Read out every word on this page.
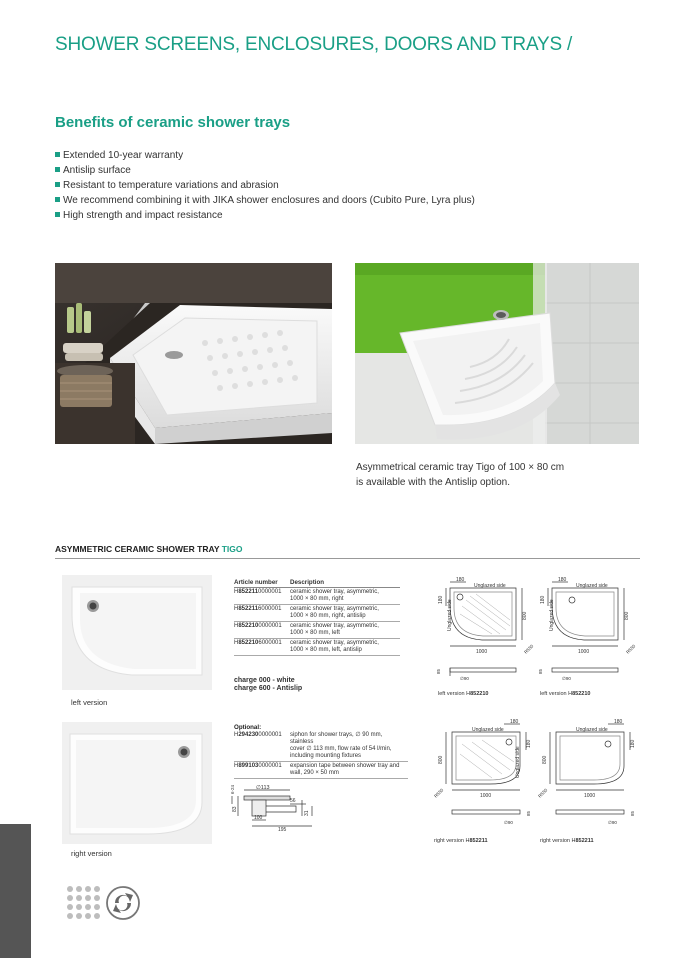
SHOWER SCREENS, ENCLOSURES, DOORS AND TRAYS /
Benefits of ceramic shower trays
Extended 10-year warranty
Antislip surface
Resistant to temperature variations and abrasion
We recommend combining it with JIKA shower enclosures and doors (Cubito Pure, Lyra plus)
High strength and impact resistance
Asymmetrical ceramic tray Tigo of 100 × 80 cm
is available with the Antislip option.
ASYMMETRIC CERAMIC SHOWER TRAY TIGO
left version
right version
Article number	Description
H8522110000001	ceramic shower tray, asymmetric,
1000 × 80 mm, right

H8522116000001	ceramic shower tray, asymmetric,
1000 × 80 mm, right, antislip

H8522100000001	ceramic shower tray, asymmetric,
1000 × 80 mm, left

H8522106000001	ceramic shower tray, asymmetric,
1000 × 80 mm, left, antislip
charge 000 - white
charge 600 - Antislip
Optional:
H2942300000001	siphon for shower trays, ∅ 90 mm, stainless
cover ∅ 113 mm, flow rate of 54 l/min,
including mounting fixtures

H8991030000001	expansion tape between shower tray and
wall, 290 × 50 mm
∅113
56
100
195
6-24
83
31
180
Unglazed side
180 Unglazed side	800
R550
1000
85
∅90
left version H852210
180
Unglazed side
180 Unglazed side	800
R550
1000
85
∅90
left version H852210
180
Unglazed side
180
Unglazed side
800
R550	1000
85
∅90
right version H852211
180
Unglazed side
180
800
R550	1000
85
∅90
right version H852211
